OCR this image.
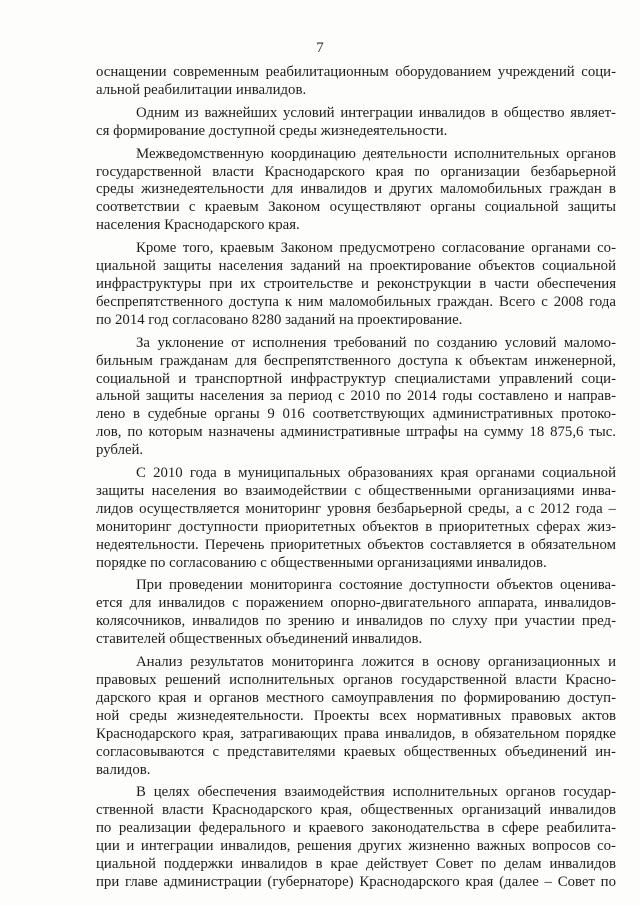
7
оснащении современным реабилитационным оборудованием учреждений соци-
альной реабилитации инвалидов.
Одним из важнейших условий интеграции инвалидов в общество являет-
ся формирование доступной среды жизнедеятельности.
Межведомственную координацию деятельности исполнительных органов
государственной власти Краснодарского края по организации безбарьерной
среды жизнедеятельности для инвалидов и других маломобильных граждан в
соответствии с краевым Законом осуществляют органы социальной защиты
населения Краснодарского края.
Кроме того, краевым Законом предусмотрено согласование органами со-
циальной защиты населения заданий на проектирование объектов социальной
инфраструктуры при их строительстве и реконструкции в части обеспечения
беспрепятственного доступа к ним маломобильных граждан. Всего с 2008 года
по 2014 год согласовано 8280 заданий на проектирование.
За уклонение от исполнения требований по созданию условий маломо-
бильным гражданам для беспрепятственного доступа к объектам инженерной,
социальной и транспортной инфраструктур специалистами управлений соци-
альной защиты населения за период с 2010 по 2014 годы составлено и направ-
лено в судебные органы 9 016 соответствующих административных протоко-
лов, по которым назначены административные штрафы на сумму 18 875,6 тыс.
рублей.
С 2010 года в муниципальных образованиях края органами социальной
защиты населения во взаимодействии с общественными организациями инва-
лидов осуществляется мониторинг уровня безбарьерной среды, а с 2012 года –
мониторинг доступности приоритетных объектов в приоритетных сферах жиз-
недеятельности. Перечень приоритетных объектов составляется в обязательном
порядке по согласованию с общественными организациями инвалидов.
При проведении мониторинга состояние доступности объектов оценива-
ется для инвалидов с поражением опорно-двигательного аппарата, инвалидов-
колясочников, инвалидов по зрению и инвалидов по слуху при участии пред-
ставителей общественных объединений инвалидов.
Анализ результатов мониторинга ложится в основу организационных и
правовых решений исполнительных органов государственной власти Красно-
дарского края и органов местного самоуправления по формированию доступ-
ной среды жизнедеятельности. Проекты всех нормативных правовых актов
Краснодарского края, затрагивающих права инвалидов, в обязательном порядке
согласовываются с представителями краевых общественных объединений ин-
валидов.
В целях обеспечения взаимодействия исполнительных органов государ-
ственной власти Краснодарского края, общественных организаций инвалидов
по реализации федерального и краевого законодательства в сфере реабилита-
ции и интеграции инвалидов, решения других жизненно важных вопросов со-
циальной поддержки инвалидов в крае действует Совет по делам инвалидов
при главе администрации (губернаторе) Краснодарского края (далее – Совет по
